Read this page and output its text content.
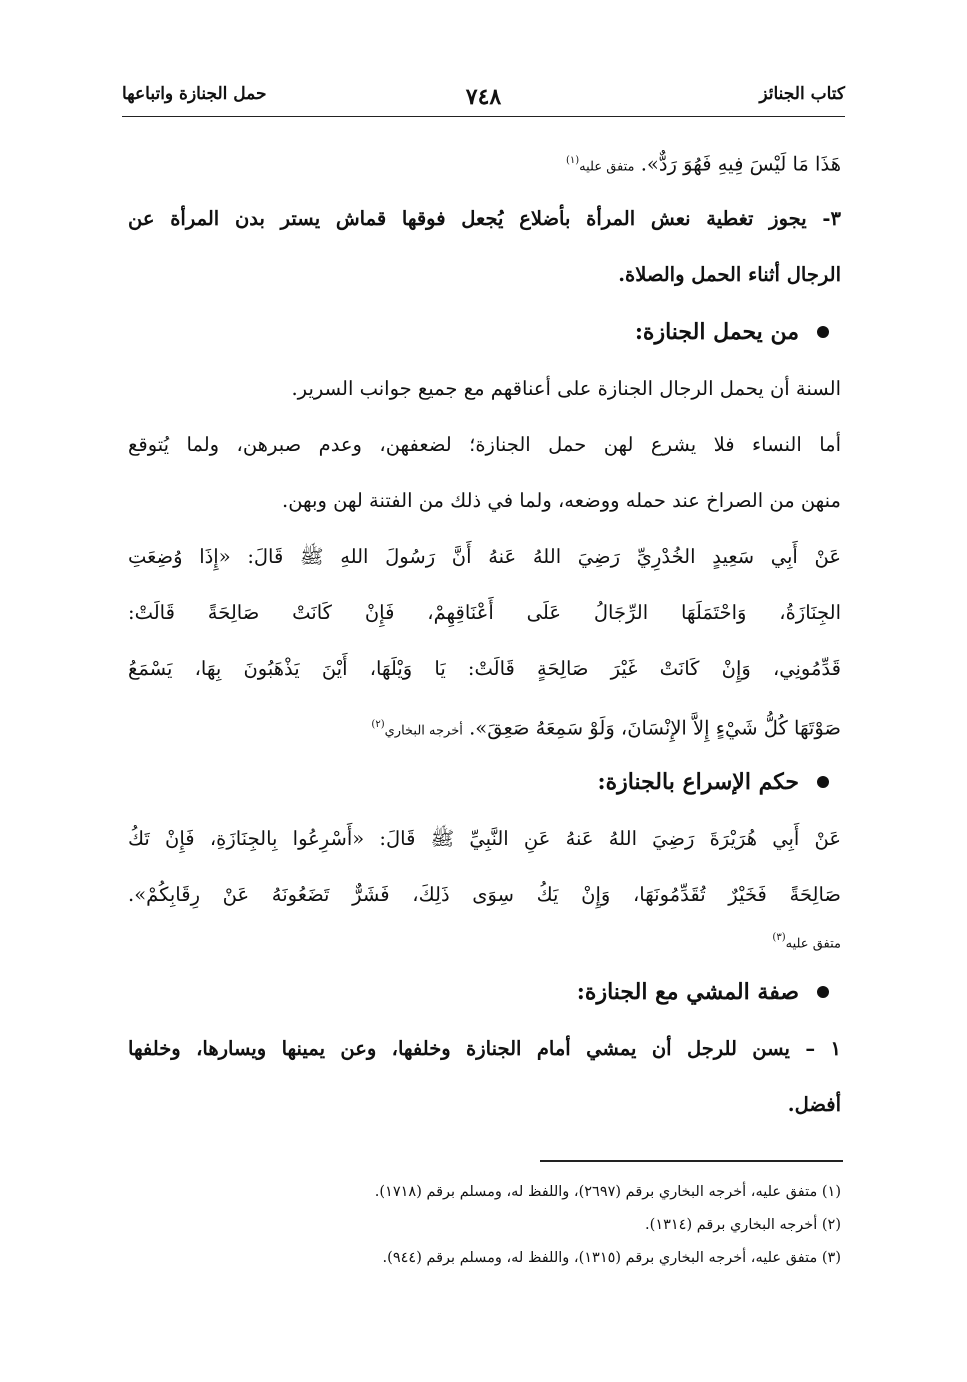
كتاب الجنائز
٧٤٨
حمل الجنازة واتباعها

هَذَا مَا لَيْسَ فِيهِ فَهُوَ رَدٌّ». متفق عليه$^{(١)}$

٣- يجوز تغطية نعش المرأة بأضلاع يُجعل فوقها قماش يستر بدن المرأة عن

الرجال أثناء الحمل والصلاة.

من يحمل الجنازة:

السنة أن يحمل الرجال الجنازة على أعناقهم مع جميع جوانب السرير.

أما النساء فلا يشرع لهن حمل الجنازة؛ لضعفهن، وعدم صبرهن، ولما يُتوقع

منهن من الصراخ عند حمله ووضعه، ولما في ذلك من الفتنة لهن وبهن.

عَنْ أَبِي سَعِيدٍ الخُدْرِيِّ رَضِيَ اللهُ عَنهُ أَنَّ رَسُولَ اللهِ ﷺ قَالَ: «إِذَا وُضِعَتِ

الجِنَازَةُ، وَاحْتَمَلَهَا الرِّجَالُ عَلَى أَعْنَاقِهِمْ، فَإِنْ كَانَتْ صَالِحَةً قَالَتْ:

قَدِّمُونِي، وَإِنْ كَانَتْ غَيْرَ صَالِحَةٍ قَالَتْ: يَا وَيْلَهَا، أَيْنَ يَذْهَبُونَ بِهَا، يَسْمَعُ

صَوْتَهَا كُلُّ شَيْءٍ إِلاَّ الإِنْسَانَ، وَلَوْ سَمِعَهُ صَعِقَ». أخرجه البخاري$^{(٢)}$

حكم الإسراع بالجنازة:

عَنْ أَبِي هُرَيْرَةَ رَضِيَ اللهُ عَنهُ عَنِ النَّبِيِّ ﷺ قَالَ: «أَسْرِعُوا بِالجِنَازَةِ، فَإِنْ تَكُ

صَالِحَةً فَخَيْرٌ تُقَدِّمُونَهَا، وَإِنْ يَكُ سِوَى ذَلِكَ، فَشَرٌّ تَضَعُونَهُ عَنْ رِقَابِكُمْ».

متفق عليه$^{(٣)}$

صفة المشي مع الجنازة:

١ – يسن للرجل أن يمشي أمام الجنازة وخلفها، وعن يمينها ويسارها، وخلفها

أفضل.

(١) متفق عليه، أخرجه البخاري برقم (٢٦٩٧)، واللفظ له، ومسلم برقم (١٧١٨).
(٢) أخرجه البخاري برقم (١٣١٤).
(٣) متفق عليه، أخرجه البخاري برقم (١٣١٥)، واللفظ له، ومسلم برقم (٩٤٤).
